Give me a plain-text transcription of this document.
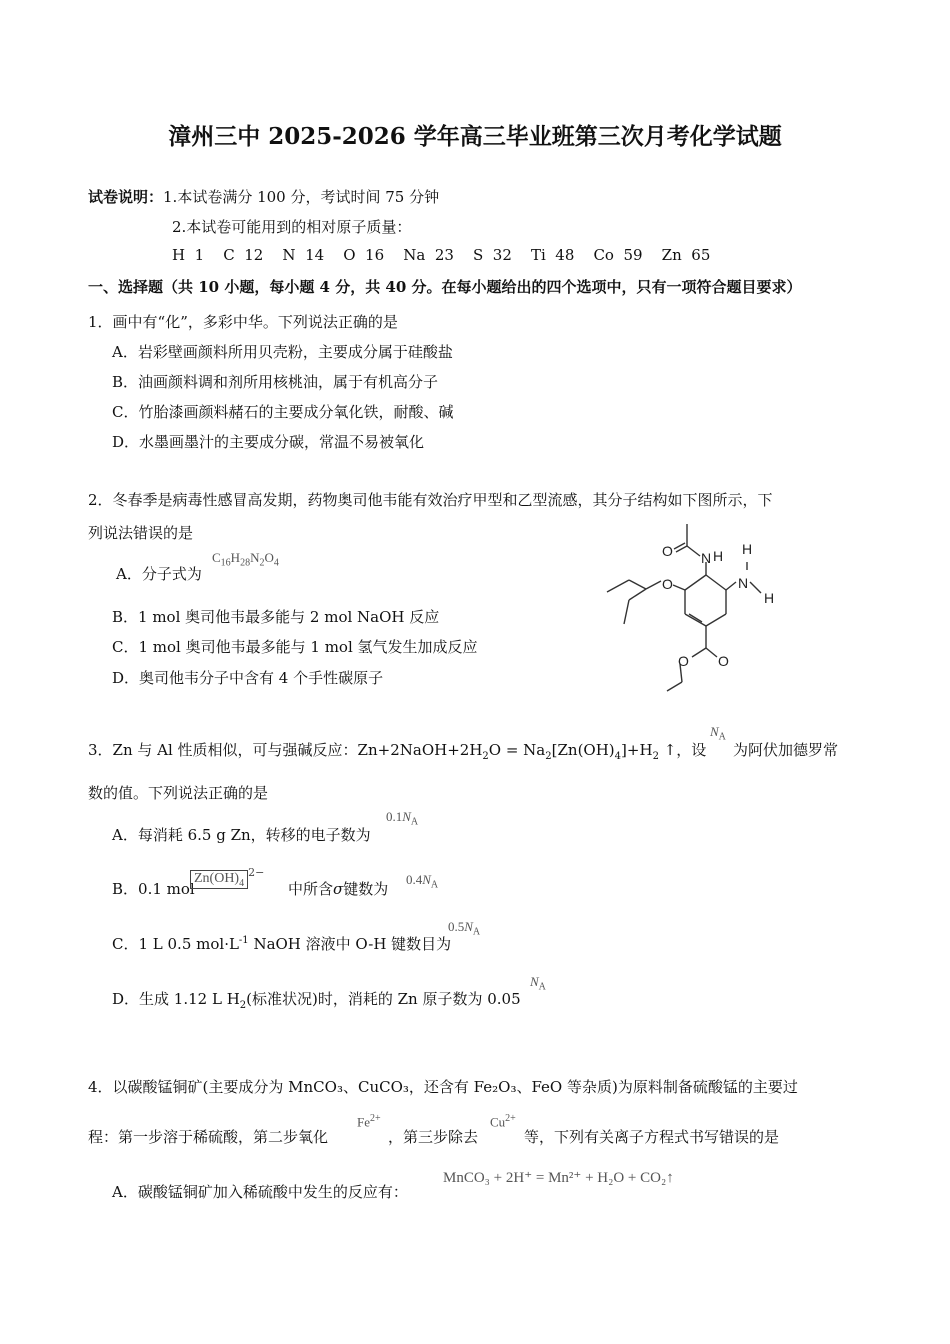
漳州三中 2025-2026 学年高三毕业班第三次月考化学试题
试卷说明：1.本试卷满分 100 分，考试时间 75 分钟
2.本试卷可能用到的相对原子质量：
H  1    C  12    N  14    O  16    Na  23    S  32    Ti  48    Co  59    Zn  65
一、选择题（共 10 小题，每小题 4 分，共 40 分。在每小题给出的四个选项中，只有一项符合题目要求）
1．画中有“化”，多彩中华。下列说法正确的是
A．岩彩壁画颜料所用贝壳粉，主要成分属于硅酸盐
B．油画颜料调和剂所用核桃油，属于有机高分子
C．竹胎漆画颜料赭石的主要成分氧化铁，耐酸、碱
D．水墨画墨汁的主要成分碳，常温不易被氧化
2．冬春季是病毒性感冒高发期，药物奥司他韦能有效治疗甲型和乙型流感，其分子结构如下图所示，下
列说法错误的是
A．分子式为
$C_{16}H_{28}N_2O_4$
B．1 mol 奥司他韦最多能与 2 mol NaOH 反应
C．1 mol 奥司他韦最多能与 1 mol 氢气发生加成反应
D．奥司他韦分子中含有 4 个手性碳原子
N H
O
N
H
H
O
O
O
3．Zn 与 Al 性质相似，可与强碱反应：$Zn+2NaOH+2H_2O = Na_2[Zn(OH)_4]+H_2$ ↑，设
$N_A$
为阿伏加德罗常
数的值。下列说法正确的是
A．每消耗 6.5 g Zn，转移的电子数为
$0.1N_A$
B．0.1 mol
$Zn(OH)_4^{2-}$
中所含σ键数为
$0.4N_A$
C．1 L 0.5 $mol\cdot L^{-1}$ NaOH 溶液中 O-H 键数目为
$0.5N_A$
D．生成 1.12 L $H_2$(标准状况)时，消耗的 Zn 原子数为 0.05
$N_A$
4．以碳酸锰铜矿(主要成分为 MnCO₃、CuCO₃，还含有 Fe₂O₃、FeO 等杂质)为原料制备硫酸锰的主要过
程：第一步溶于稀硫酸，第二步氧化
$Fe^{2+}$
，第三步除去
$Cu^{2+}$
等，下列有关离子方程式书写错误的是
A．碳酸锰铜矿加入稀硫酸中发生的反应有：
MnCO₃ + 2H⁺ = Mn²⁺ + H₂O + CO₂↑
